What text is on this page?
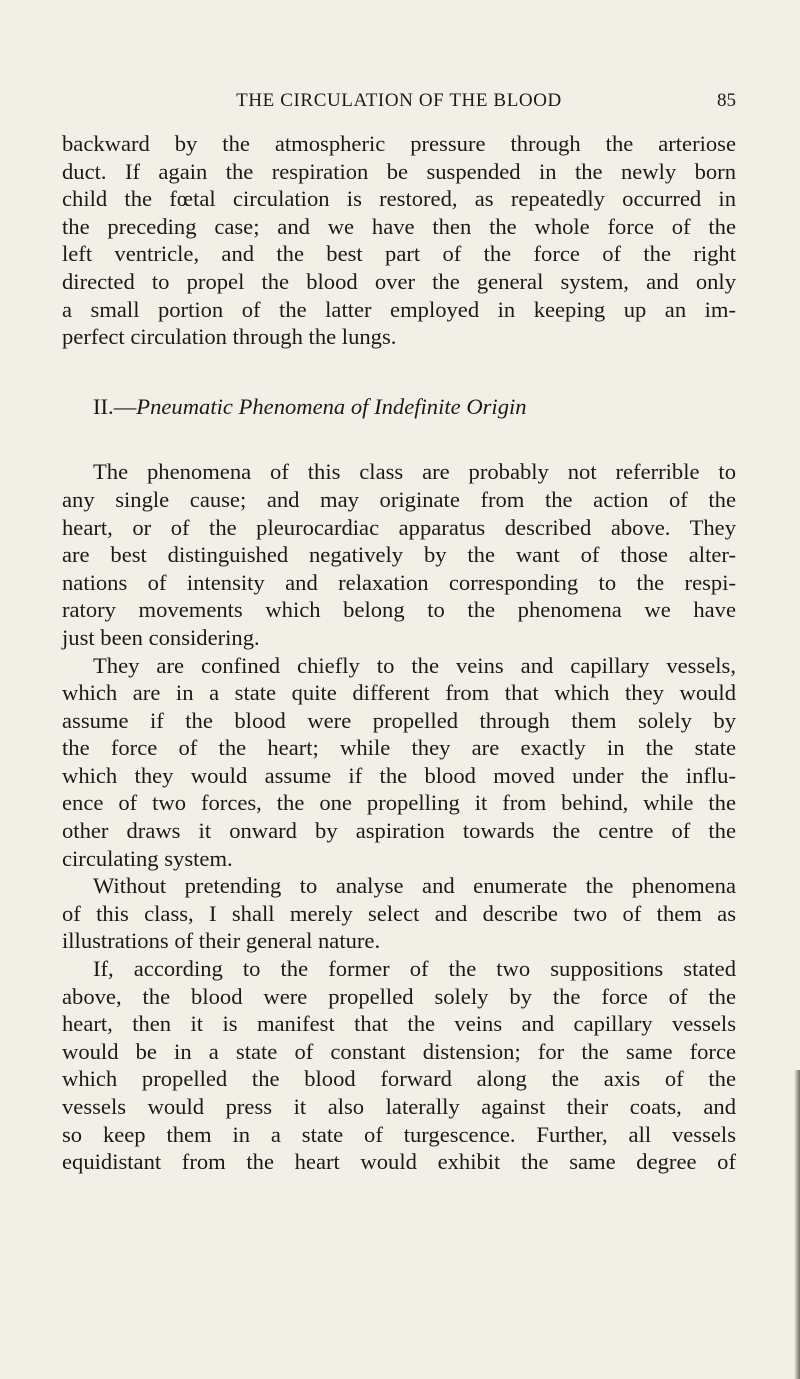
THE CIRCULATION OF THE BLOOD	85
backward by the atmospheric pressure through the arteriose
duct. If again the respiration be suspended in the newly born
child the fœtal circulation is restored, as repeatedly occurred in
the preceding case; and we have then the whole force of the
left ventricle, and the best part of the force of the right
directed to propel the blood over the general system, and only
a small portion of the latter employed in keeping up an im-
perfect circulation through the lungs.
II.—Pneumatic Phenomena of Indefinite Origin
The phenomena of this class are probably not referrible to
any single cause; and may originate from the action of the
heart, or of the pleurocardiac apparatus described above. They
are best distinguished negatively by the want of those alter-
nations of intensity and relaxation corresponding to the respi-
ratory movements which belong to the phenomena we have
just been considering.
They are confined chiefly to the veins and capillary vessels,
which are in a state quite different from that which they would
assume if the blood were propelled through them solely by
the force of the heart; while they are exactly in the state
which they would assume if the blood moved under the influ-
ence of two forces, the one propelling it from behind, while the
other draws it onward by aspiration towards the centre of the
circulating system.
Without pretending to analyse and enumerate the phenomena
of this class, I shall merely select and describe two of them as
illustrations of their general nature.
If, according to the former of the two suppositions stated
above, the blood were propelled solely by the force of the
heart, then it is manifest that the veins and capillary vessels
would be in a state of constant distension; for the same force
which propelled the blood forward along the axis of the
vessels would press it also laterally against their coats, and
so keep them in a state of turgescence. Further, all vessels
equidistant from the heart would exhibit the same degree of
